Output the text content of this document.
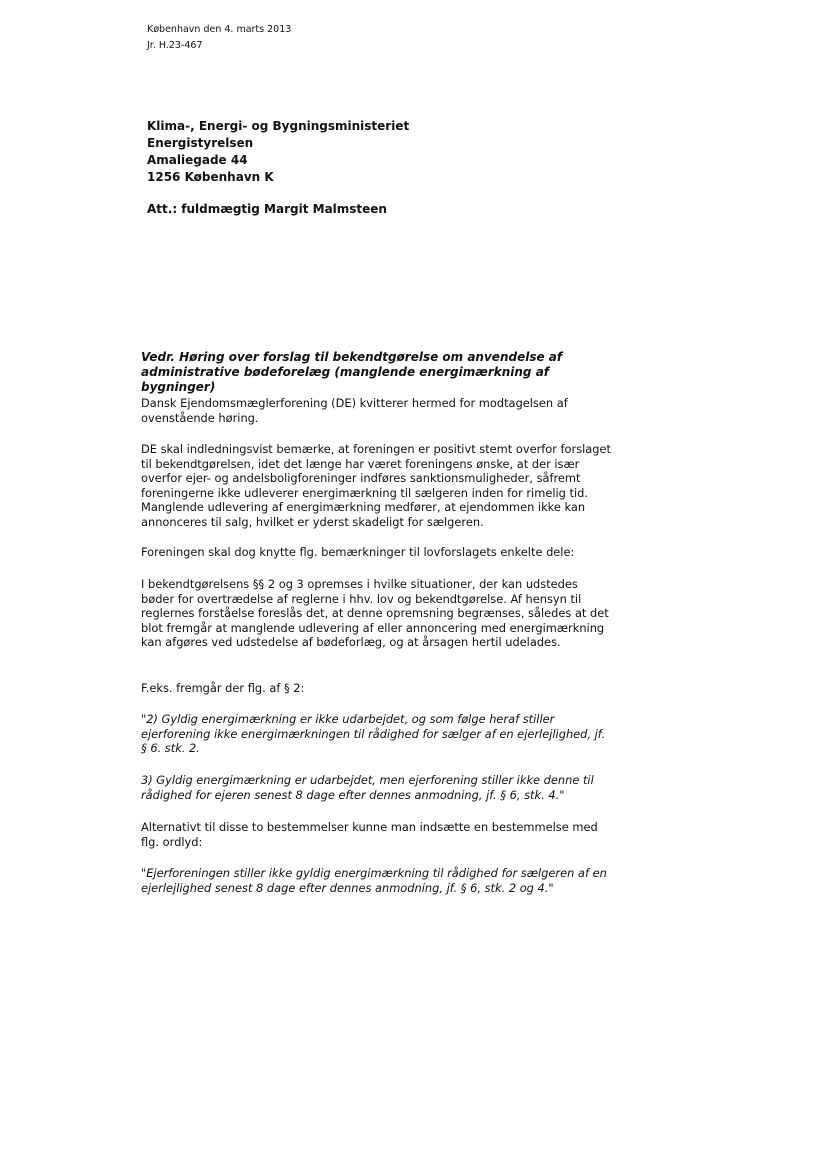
København den 4. marts 2013
Jr. H.23-467
Klima-, Energi- og Bygningsministeriet
Energistyrelsen
Amaliegade 44
1256 København K
Att.: fuldmægtig Margit Malmsteen
Vedr. Høring over forslag til bekendtgørelse om anvendelse af administrative bødeforelæg (manglende energimærkning af bygninger)

Dansk Ejendomsmæglerforening (DE) kvitterer hermed for modtagelsen af ovenstående høring.

DE skal indledningsvist bemærke, at foreningen er positivt stemt overfor forslaget til bekendtgørelsen, idet det længe har været foreningens ønske, at der især overfor ejer- og andelsboligforeninger indføres sanktionsmuligheder, såfremt foreningerne ikke udleverer energimærkning til sælgeren inden for rimelig tid. Manglende udlevering af energimærkning medfører, at ejendommen ikke kan annonceres til salg, hvilket er yderst skadeligt for sælgeren.

Foreningen skal dog knytte flg. bemærkninger til lovforslagets enkelte dele:

I bekendtgørelsens §§ 2 og 3 opremses i hvilke situationer, der kan udstedes bøder for overtrædelse af reglerne i hhv. lov og bekendtgørelse. Af hensyn til reglernes forståelse foreslås det, at denne opremsning begrænses, således at det blot fremgår at manglende udlevering af eller annoncering med energimærkning kan afgøres ved udstedelse af bødeforlæg, og at årsagen hertil udelades.

F.eks. fremgår der flg. af § 2:

"2) Gyldig energimærkning er ikke udarbejdet, og som følge heraf stiller ejerforening ikke energimærkningen til rådighed for sælger af en ejerlejlighed, jf. § 6. stk. 2.

3) Gyldig energimærkning er udarbejdet, men ejerforening stiller ikke denne til rådighed for ejeren senest 8 dage efter dennes anmodning, jf. § 6, stk. 4."

Alternativt til disse to bestemmelser kunne man indsætte en bestemmelse med flg. ordlyd:

"Ejerforeningen stiller ikke gyldig energimærkning til rådighed for sælgeren af en ejerlejlighed senest 8 dage efter dennes anmodning, jf. § 6, stk. 2 og 4."
